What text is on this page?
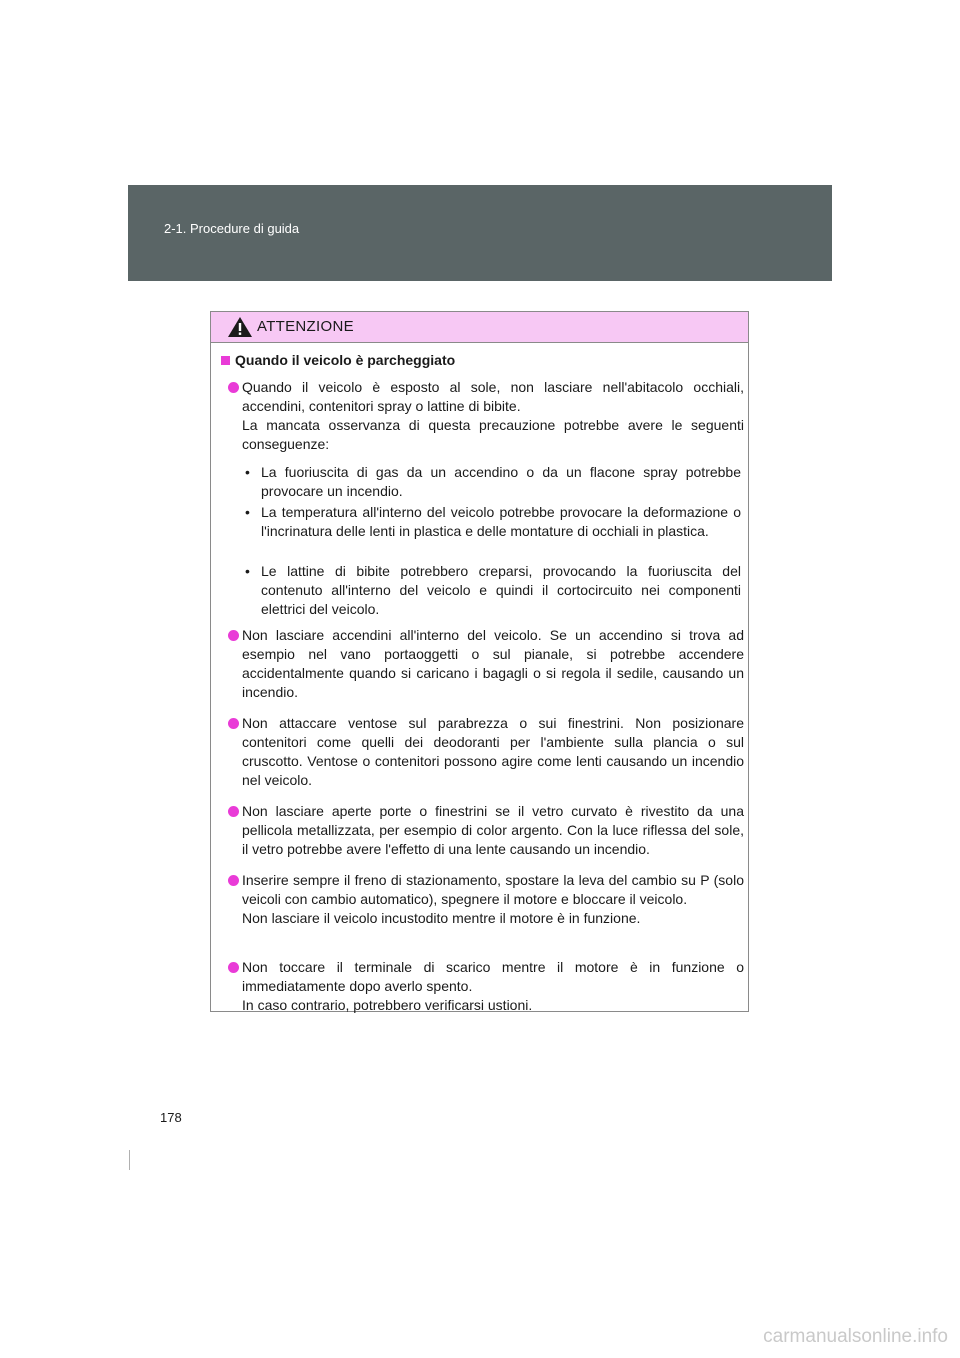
2-1. Procedure di guida
ATTENZIONE
Quando il veicolo è parcheggiato

Quando il veicolo è esposto al sole, non lasciare nell'abitacolo occhiali, accendini, contenitori spray o lattine di bibite.

La mancata osservanza di questa precauzione potrebbe avere le seguenti conseguenze:

• La fuoriuscita di gas da un accendino o da un flacone spray potrebbe provocare un incendio.
• La temperatura all'interno del veicolo potrebbe provocare la deformazione o l'incrinatura delle lenti in plastica e delle montature di occhiali in plastica.
• Le lattine di bibite potrebbero creparsi, provocando la fuoriuscita del contenuto all'interno del veicolo e quindi il cortocircuito nei componenti elettrici del veicolo.

Non lasciare accendini all'interno del veicolo. Se un accendino si trova ad esempio nel vano portaoggetti o sul pianale, si potrebbe accendere accidentalmente quando si caricano i bagagli o si regola il sedile, causando un incendio.

Non attaccare ventose sul parabrezza o sui finestrini. Non posizionare contenitori come quelli dei deodoranti per l'ambiente sulla plancia o sul cruscotto. Ventose o contenitori possono agire come lenti causando un incendio nel veicolo.

Non lasciare aperte porte o finestrini se il vetro curvato è rivestito da una pellicola metallizzata, per esempio di color argento. Con la luce riflessa del sole, il vetro potrebbe avere l'effetto di una lente causando un incendio.

Inserire sempre il freno di stazionamento, spostare la leva del cambio su P (solo veicoli con cambio automatico), spegnere il motore e bloccare il veicolo.

Non lasciare il veicolo incustodito mentre il motore è in funzione.

Non toccare il terminale di scarico mentre il motore è in funzione o immediatamente dopo averlo spento.

In caso contrario, potrebbero verificarsi ustioni.

178
carmanualsonline.info
